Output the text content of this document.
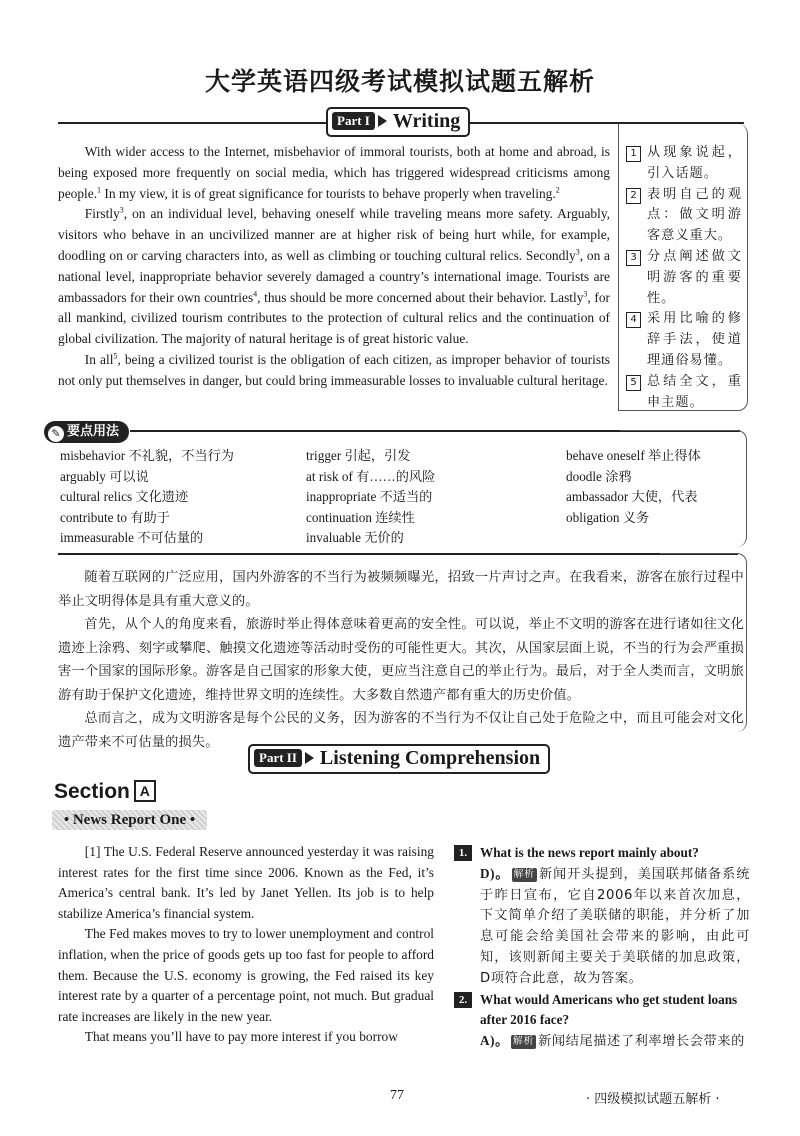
大学英语四级考试模拟试题五解析
Part I Writing

With wider access to the Internet, misbehavior of immoral tourists, both at home and abroad, is being exposed more frequently on social media, which has triggered widespread criticisms among people.$^1$ In my view, it is of great significance for tourists to behave properly when traveling.$^2$

Firstly$^3$, on an individual level, behaving oneself while traveling means more safety. Arguably, visitors who behave in an uncivilized manner are at higher risk of being hurt while, for example, doodling on or carving characters into, as well as climbing or touching cultural relics. Secondly$^3$, on a national level, inappropriate behavior severely damaged a country’s international image. Tourists are ambassadors for their own countries$^4$, thus should be more concerned about their behavior. Lastly$^3$, for all mankind, civilized tourism contributes to the protection of cultural relics and the continuation of global civilization. The majority of natural heritage is of great historic value.

In all$^5$, being a civilized tourist is the obligation of each citizen, as improper behavior of tourists not only put themselves in danger, but could bring immeasurable losses to invaluable cultural heritage.

1 从现象说起，引入话题。
2 表明自己的观点：做文明游客意义重大。
3 分点阐述做文明游客的重要性。
4 采用比喻的修辞手法，使道理通俗易懂。
5 总结全文，重申主题。
✎ 要点用法
misbehavior 不礼貌，不当行为
arguably 可以说
cultural relics 文化遗迹
contribute to 有助于
immeasurable 不可估量的
trigger 引起，引发
at risk of 有……的风险
inappropriate 不适当的
continuation 连续性
invaluable 无价的
behave oneself 举止得体
doodle 涂鸦
ambassador 大使，代表
obligation 义务

随着互联网的广泛应用，国内外游客的不当行为被频频曝光，招致一片声讨之声。在我看来，游客在旅行过程中举止文明得体是具有重大意义的。

首先，从个人的角度来看，旅游时举止得体意味着更高的安全性。可以说，举止不文明的游客在进行诸如往文化遗迹上涂鸦、刻字或攀爬、触摸文化遗迹等活动时受伤的可能性更大。其次，从国家层面上说，不当的行为会严重损害一个国家的国际形象。游客是自己国家的形象大使，更应当注意自己的举止行为。最后，对于全人类而言，文明旅游有助于保护文化遗迹，维持世界文明的连续性。大多数自然遗产都有重大的历史价值。

总而言之，成为文明游客是每个公民的义务，因为游客的不当行为不仅让自己处于危险之中，而且可能会对文化遗产带来不可估量的损失。

Part II Listening Comprehension
Section A
• News Report One •

[1] The U.S. Federal Reserve announced yesterday it was raising interest rates for the first time since 2006. Known as the Fed, it’s America’s central bank. It’s led by Janet Yellen. Its job is to help stabilize America’s financial system.

The Fed makes moves to try to lower unemployment and control inflation, when the price of goods gets up too fast for people to afford them. Because the U.S. economy is growing, the Fed raised its key interest rate by a quarter of a percentage point, not much. But gradual rate increases are likely in the new year.

That means you’ll have to pay more interest if you borrow

1. What is the news report mainly about?
D)。 解析 新闻开头提到，美国联邦储备系统于昨日宣布，它自2006年以来首次加息，下文简单介绍了美联储的职能，并分析了加息可能会给美国社会带来的影响，由此可知，该则新闻主要关于美联储的加息政策，D项符合此意，故为答案。
2. What would Americans who get student loans after 2016 face?
A)。 解析 新闻结尾描述了利率增长会带来的
77	· 四级模拟试题五解析 ·
